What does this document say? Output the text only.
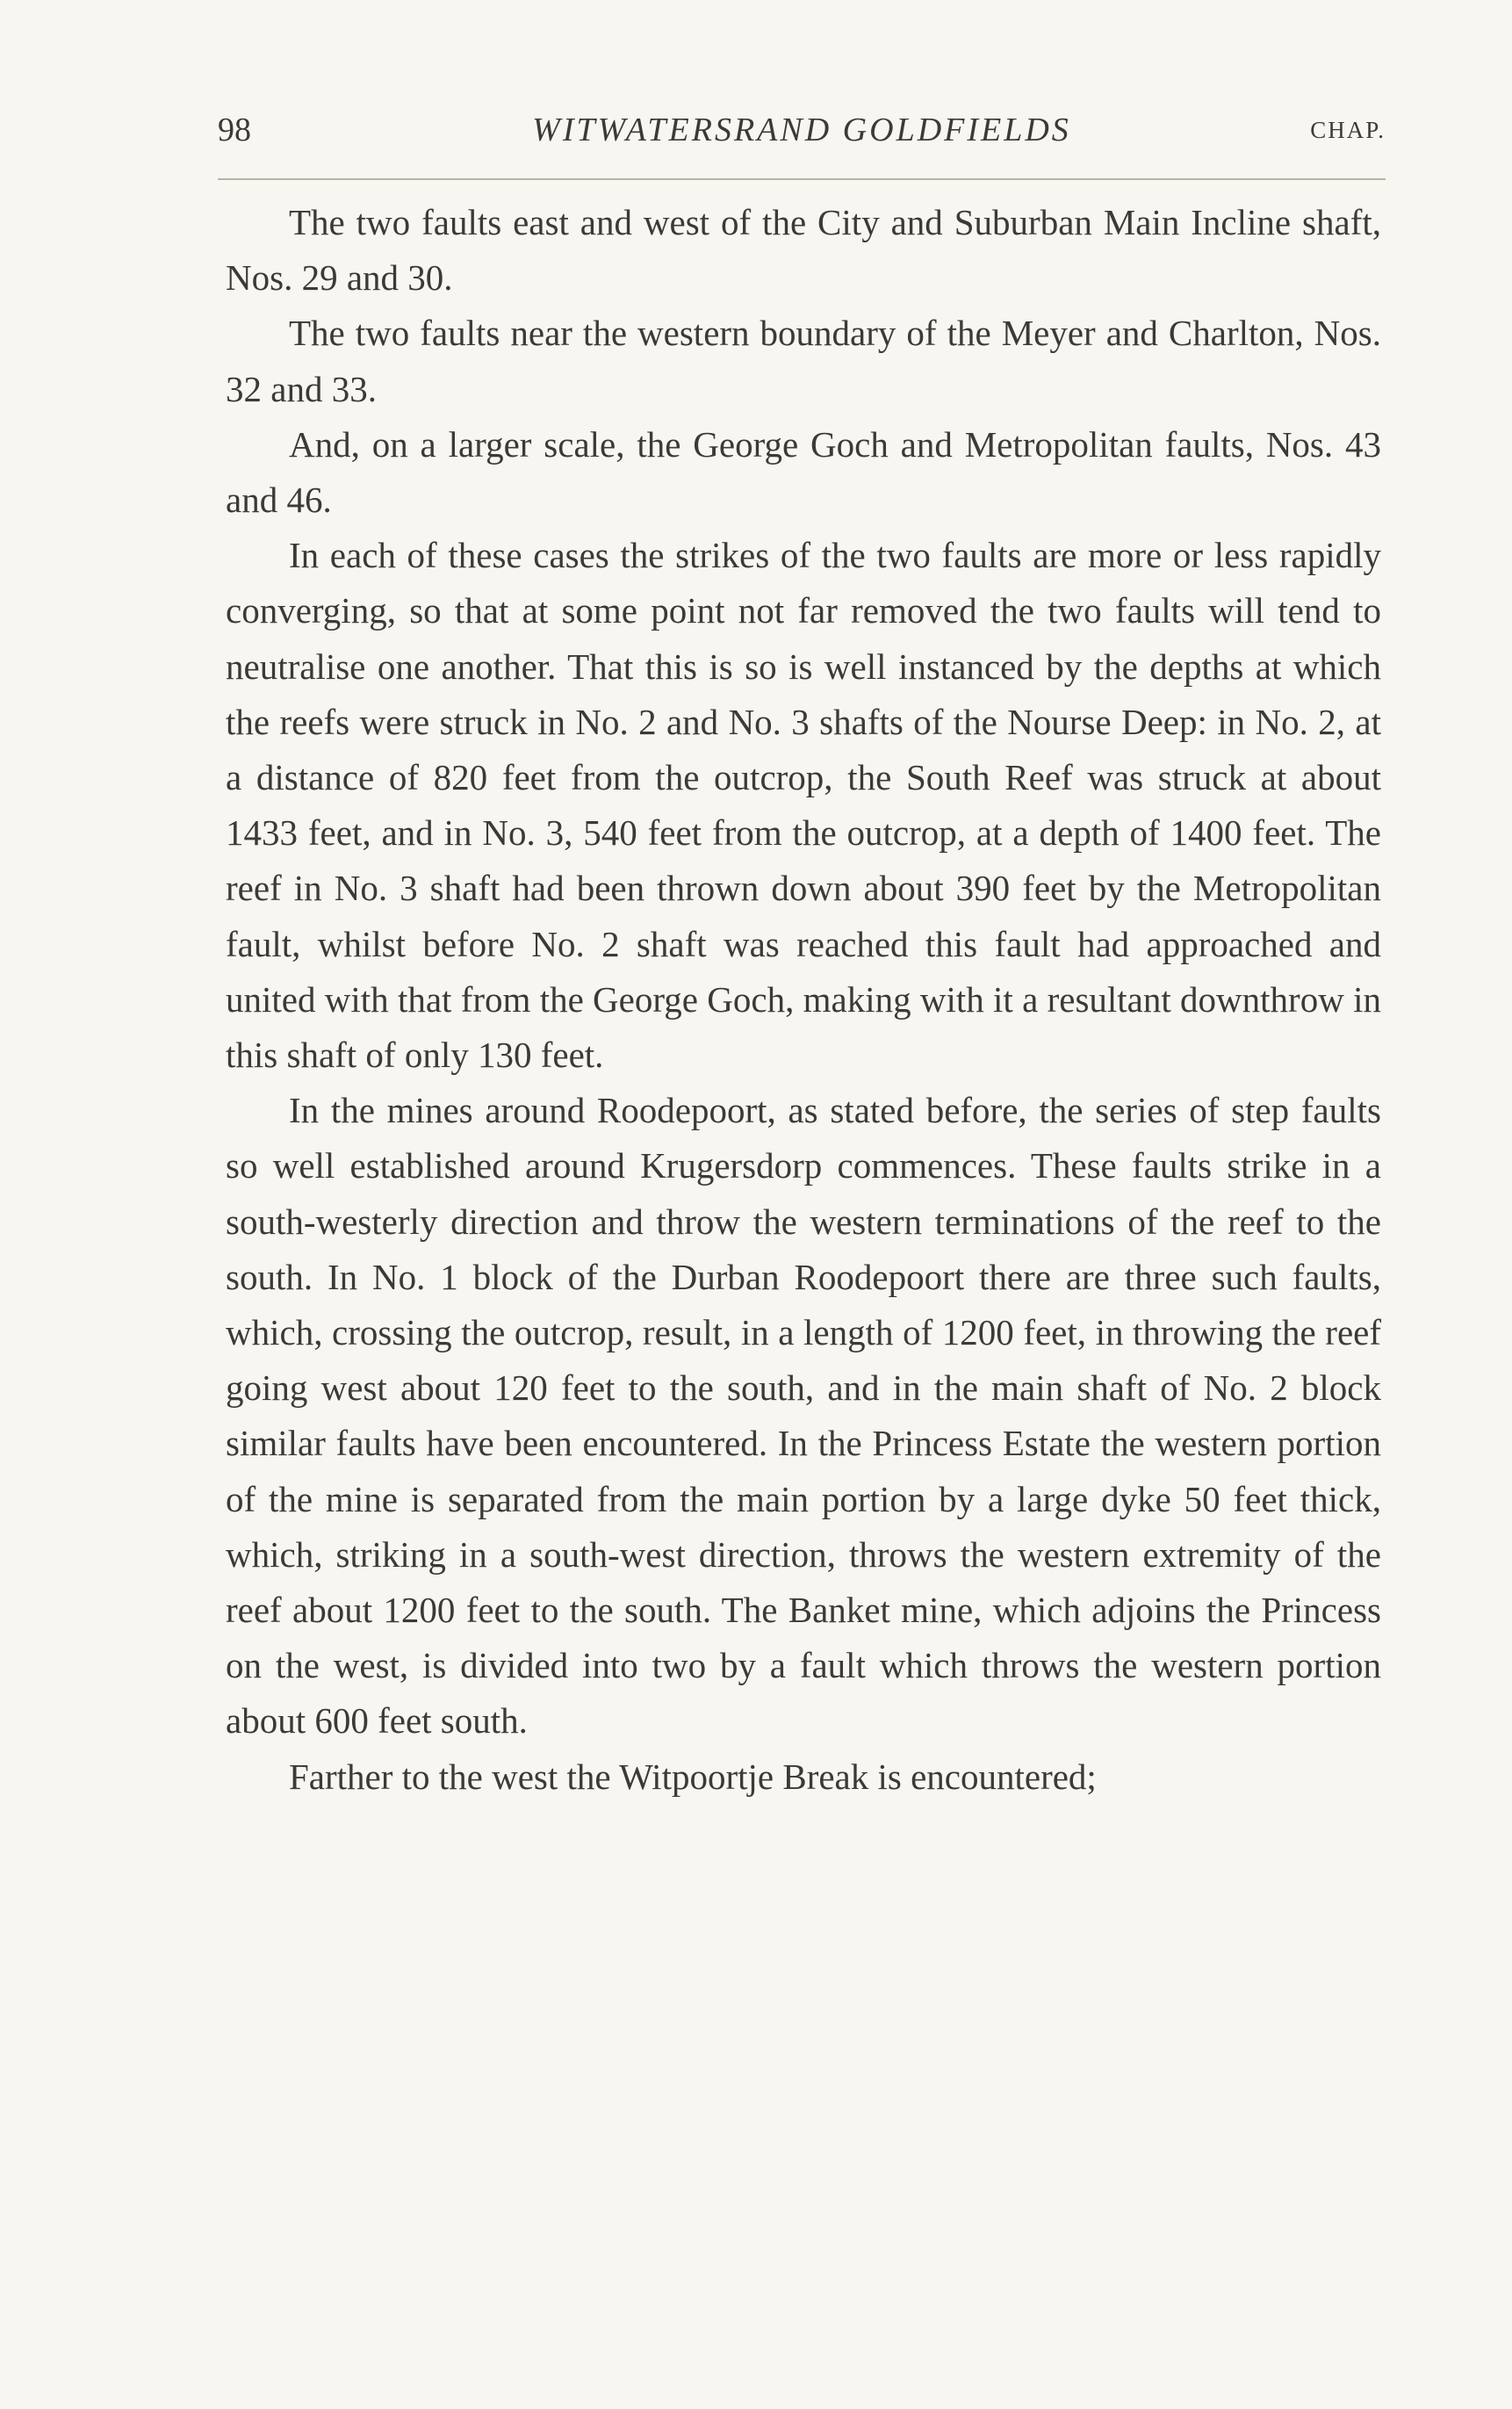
98	WITWATERSRAND GOLDFIELDS	CHAP.

The two faults east and west of the City and Suburban Main Incline shaft, Nos. 29 and 30.

The two faults near the western boundary of the Meyer and Charlton, Nos. 32 and 33.

And, on a larger scale, the George Goch and Metropolitan faults, Nos. 43 and 46.

In each of these cases the strikes of the two faults are more or less rapidly converging, so that at some point not far removed the two faults will tend to neutralise one another. That this is so is well instanced by the depths at which the reefs were struck in No. 2 and No. 3 shafts of the Nourse Deep: in No. 2, at a distance of 820 feet from the outcrop, the South Reef was struck at about 1433 feet, and in No. 3, 540 feet from the outcrop, at a depth of 1400 feet. The reef in No. 3 shaft had been thrown down about 390 feet by the Metropolitan fault, whilst before No. 2 shaft was reached this fault had approached and united with that from the George Goch, making with it a resultant downthrow in this shaft of only 130 feet.

In the mines around Roodepoort, as stated before, the series of step faults so well established around Krugersdorp commences. These faults strike in a south-westerly direction and throw the western terminations of the reef to the south. In No. 1 block of the Durban Roodepoort there are three such faults, which, crossing the outcrop, result, in a length of 1200 feet, in throwing the reef going west about 120 feet to the south, and in the main shaft of No. 2 block similar faults have been encountered. In the Princess Estate the western portion of the mine is separated from the main portion by a large dyke 50 feet thick, which, striking in a south-west direction, throws the western extremity of the reef about 1200 feet to the south. The Banket mine, which adjoins the Princess on the west, is divided into two by a fault which throws the western portion about 600 feet south.

Farther to the west the Witpoortje Break is encountered;
